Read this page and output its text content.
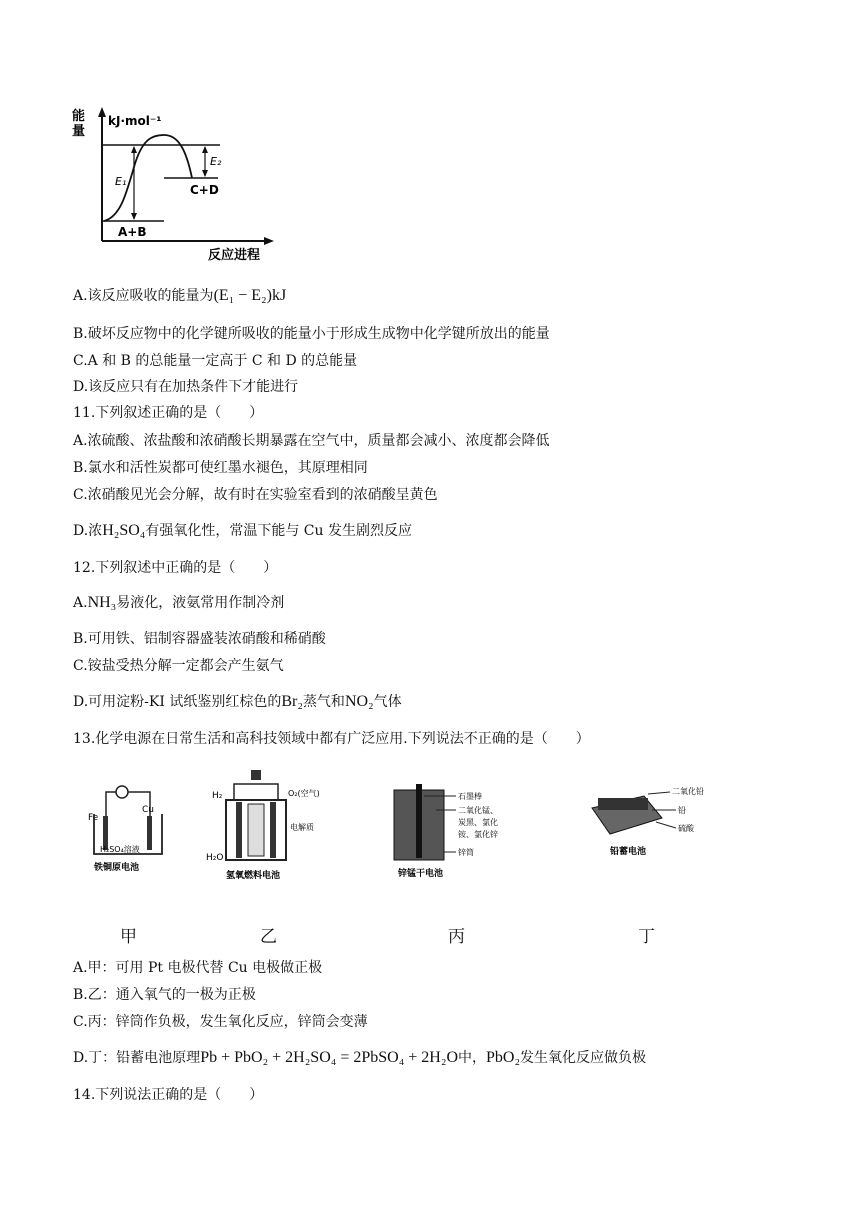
能
量
kJ·mol⁻¹
E₁
E₂
C+D
A+B
反应进程
A.该反应吸收的能量为(E₁ − E₂)kJ
B.破坏反应物中的化学键所吸收的能量小于形成生成物中化学键所放出的能量
C.A 和 B 的总能量一定高于 C 和 D 的总能量
D.该反应只有在加热条件下才能进行
11.下列叙述正确的是（　　）
A.浓硫酸、浓盐酸和浓硝酸长期暴露在空气中，质量都会减小、浓度都会降低
B.氯水和活性炭都可使红墨水褪色，其原理相同
C.浓硝酸见光会分解，故有时在实验室看到的浓硝酸呈黄色
D.浓H₂SO₄有强氧化性，常温下能与 Cu 发生剧烈反应
12.下列叙述中正确的是（　　）
A.NH₃易液化，液氨常用作制冷剂
B.可用铁、铝制容器盛装浓硝酸和稀硝酸
C.铵盐受热分解一定都会产生氨气
D.可用淀粉-KI 试纸鉴别红棕色的Br₂蒸气和NO₂气体
13.化学电源在日常生活和高科技领域中都有广泛应用.下列说法不正确的是（　　）
Fe
Cu
H₂SO₄溶液
铁铜原电池
H₂	O₂(空气)
电解质
H₂O
氢氧燃料电池
石墨棒
二氧化锰、
炭黑、氯化
铵、氯化锌
锌筒
锌锰干电池
二氧化铅
铅
硫酸
铅蓄电池
甲	乙	丙	丁
A.甲：可用 Pt 电极代替 Cu 电极做正极
B.乙：通入氧气的一极为正极
C.丙：锌筒作负极，发生氧化反应，锌筒会变薄
D.丁：铅蓄电池原理Pb + PbO₂ + 2H₂SO₄ = 2PbSO₄ + 2H₂O中，PbO₂发生氧化反应做负极
14.下列说法正确的是（　　）
